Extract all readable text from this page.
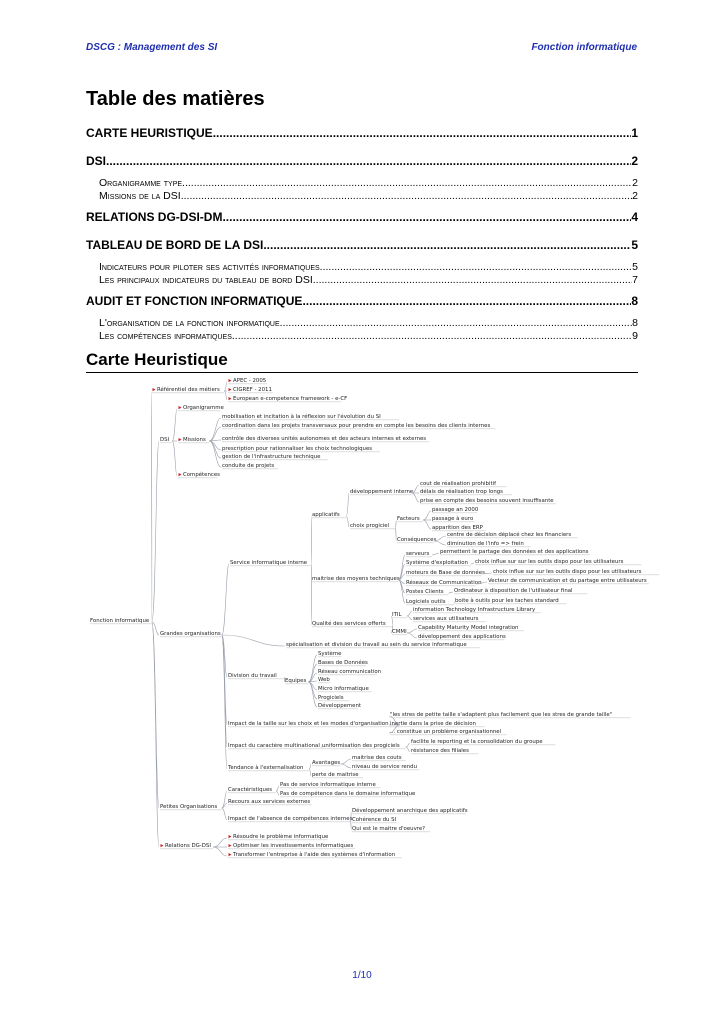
DSCG : Management des SI	Fonction informatique
Table des matières
CARTE HEURISTIQUE .....	1
DSI .....	2
Organigramme type .....	2
Missions de la DSI .....	2
RELATIONS DG-DSI-DM .....	4
TABLEAU DE BORD DE LA DSI .....	5
Indicateurs pour piloter ses activités informatiques .....	5
Les principaux indicateurs du tableau de bord DSI .....	7
AUDIT ET FONCTION INFORMATIQUE .....	8
L'organisation de la fonction informatique .....	8
Les compétences informatiques .....	9
Carte Heuristique
Fonction informatique
Référentiel des métiers
APEC - 2005
CIGREF - 2011
European e-competence framework - e-CF
DSI
Organigramme
Missions
mobilisation et incitation à la réflexion sur l'évolution du SI
coordination dans les projets transversaux pour prendre en compte les besoins des clients internes
contrôle des diverses unités autonomes et des acteurs internes et externes
prescription pour rationnaliser les choix technologiques
gestion de l'infrastructure technique
conduite de projets
Compétences
Grandes organisations
Service informatique interne
applicatifs
développement interne
cout de réalisation prohibitif
délais de réalisation trop longs
prise en compte des besoins souvent insuffisante
choix progiciel
Facteurs
passage an 2000
passage à euro
apparition des ERP
Conséquences
centre de décision déplacé chez les financiers
diminution de l'info => frein
maitrise des moyens techniques
serveurs permettent le partage des données et des applications
Système d'exploitation choix influe sur sur les outils dispo pour les utilisateurs
moteurs de Base de données choix influe sur sur les outils dispo pour les utilisateurs
Réseaux de Communication Vecteur de communication et du partage entre utilisateurs
Postes Clients Ordinateur à disposition de l'utilisateur final
Logiciels outils boite à outils pour les taches standard
Qualité des services offerts
ITIL
information Technology Infrastructure Library
services aux utilisateurs
CMMI
Capability Maturity Model integration
développement des applications
spécialisation et division du travail au sein du service informatique
Division du travail
Equipes
Système
Bases de Données
Réseau communication
Web
Micro informatique
Progiciels
Développement
Impact de la taille sur les choix et les modes d'organisation
"les stres de petite taille s'adaptent plus facilement que les stres de grande taille"
inertie dans la prise de décision
... constitue un problème organisationnel
Impact du caractère multinational uniformisation des progiciels
facilite le reporting et la consolidation du groupe
résistance des filiales
Tendance à l'externalisation
Avantages
maitrise des couts
niveau de service rendu
perte de maitrise
Petites Organisations
Caractéristiques
Pas de service informatique interne
Pas de compétence dans le domaine informatique
Recours aux services externes
Impact de l'absence de compétences internes
Développement anarchique des applicatifs
Cohérence du SI
Qui est le maitre d'oeuvre?
Relations DG-DSI
Résoudre le problème informatique
Optimiser les investissements informatiques
Transformer l'entreprise à l'aide des systèmes d'information
1/10
